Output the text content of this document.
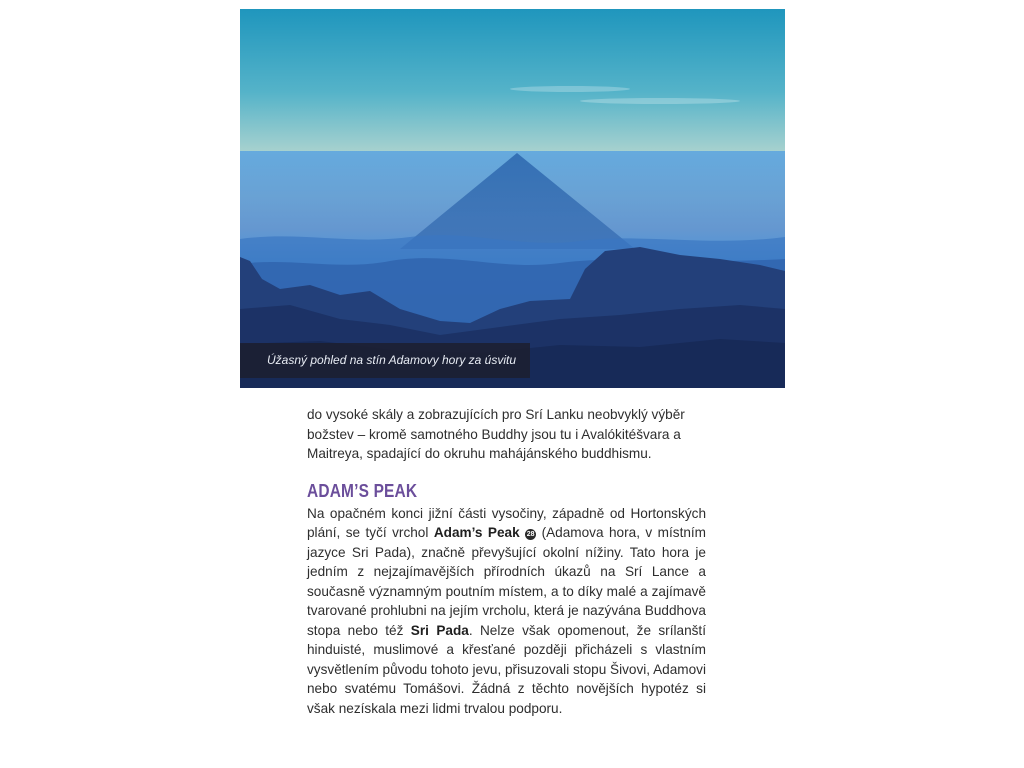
Úžasný pohled na stín Adamovy hory za úsvitu

do vysoké skály a zobrazujících pro Srí Lanku neobvyklý výběr božstev – kromě samotného Buddhy jsou tu i Avalókitéšvara a Maitreya, spadající do okruhu mahájánského buddhismu.

ADAM’S PEAK

Na opačném konci jižní části vysočiny, západně od Hortonských plání, se tyčí vrchol Adam’s Peak 28 (Adamova hora, v místním jazyce Sri Pada), značně převyšující okolní nížiny. Tato hora je jedním z nejzajímavějších přírodních úkazů na Srí Lance a současně významným poutním místem, a to díky malé a zajímavě tvarované prohlubni na jejím vrcholu, která je nazývána Buddhova stopa nebo též Sri Pada. Nelze však opomenout, že srílanští hinduisté, muslimové a křesťané později přicházeli s vlastním vysvětlením původu tohoto jevu, přisuzovali stopu Šivovi, Adamovi nebo svatému Tomášovi. Žádná z těchto novějších hypotéz si však nezískala mezi lidmi trvalou podporu.
